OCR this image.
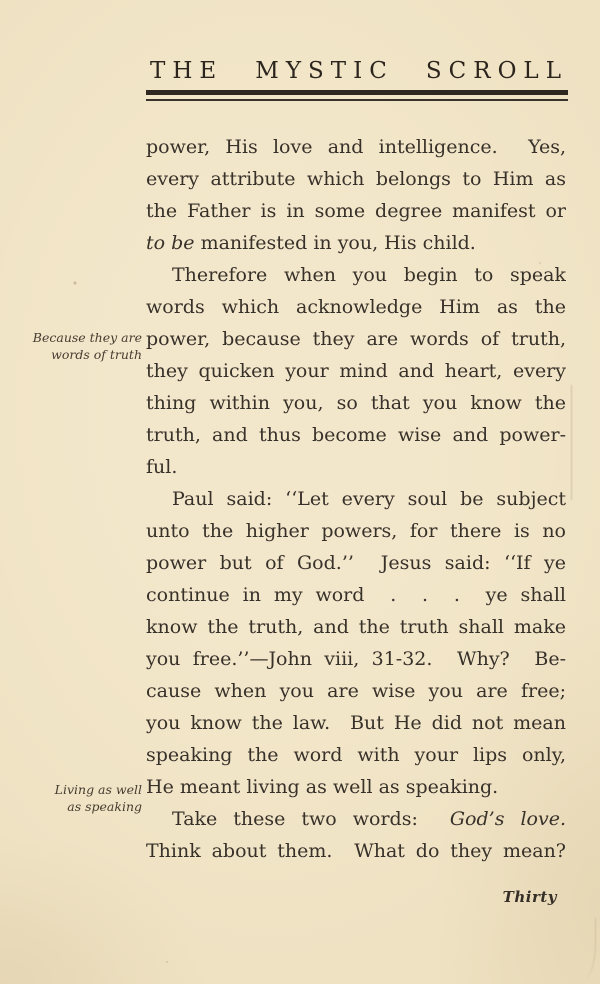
THE MYSTIC SCROLL
power, His love and intelligence.  Yes,
every attribute which belongs to Him as
the Father is in some degree manifest or
to be manifested in you, His child.
Therefore when you begin to speak
words which acknowledge Him as the
power, because they are words of truth,
they quicken your mind and heart, every
thing within you, so that you know the
truth, and thus become wise and power-
ful.
Paul said: ‘‘Let every soul be subject
unto the higher powers, for there is no
power but of God.’’  Jesus said: ‘‘If ye
continue in my word  .  .  .  ye shall
know the truth, and the truth shall make
you free.’’—John viii, 31-32.  Why?  Be-
cause when you are wise you are free;
you know the law.  But He did not mean
speaking the word with your lips only,
He meant living as well as speaking.
Take these two words:  God’s love.
Think about them.  What do they mean?
Because they are
words of truth
Living as well
as speaking
Thirty
